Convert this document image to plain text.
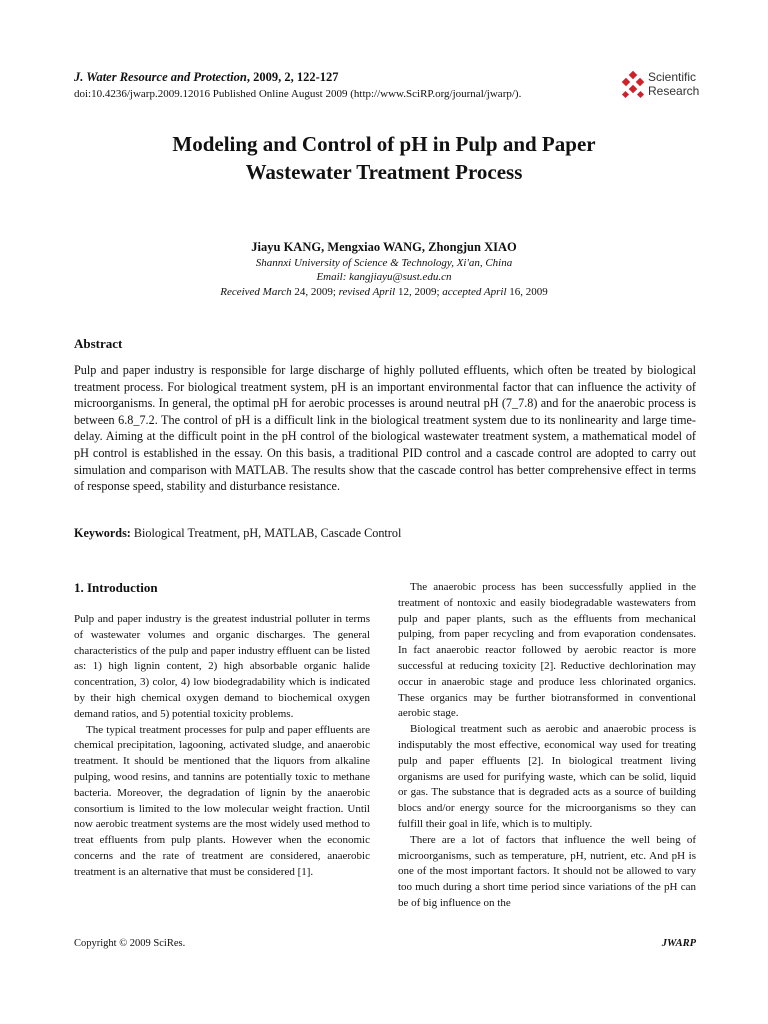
J. Water Resource and Protection, 2009, 2, 122-127
doi:10.4236/jwarp.2009.12016 Published Online August 2009 (http://www.SciRP.org/journal/jwarp/).
Scientific
Research
Modeling and Control of pH in Pulp and Paper
Wastewater Treatment Process
Jiayu KANG, Mengxiao WANG, Zhongjun XIAO
Shannxi University of Science & Technology, Xi'an, China
Email: kangjiayu@sust.edu.cn
Received March 24, 2009; revised April 12, 2009; accepted April 16, 2009
Abstract
Pulp and paper industry is responsible for large discharge of highly polluted effluents, which often be treated by biological treatment process. For biological treatment system, pH is an important environmental factor that can influence the activity of microorganisms. In general, the optimal pH for aerobic processes is around neutral pH (7_7.8) and for the anaerobic process is between 6.8_7.2. The control of pH is a difficult link in the biological treatment system due to its nonlinearity and large time-delay. Aiming at the difficult point in the pH control of the biological wastewater treatment system, a mathematical model of pH control is established in the essay. On this basis, a traditional PID control and a cascade control are adopted to carry out simulation and comparison with MATLAB. The results show that the cascade control has better comprehensive effect in terms of response speed, stability and disturbance resistance.
Keywords: Biological Treatment, pH, MATLAB, Cascade Control
1. Introduction

Pulp and paper industry is the greatest industrial polluter in terms of wastewater volumes and organic discharges. The general characteristics of the pulp and paper industry effluent can be listed as: 1) high lignin content, 2) high absorbable organic halide concentration, 3) color, 4) low biodegradability which is indicated by their high chemical oxygen demand to biochemical oxygen demand ratios, and 5) potential toxicity problems.

The typical treatment processes for pulp and paper effluents are chemical precipitation, lagooning, activated sludge, and anaerobic treatment. It should be mentioned that the liquors from alkaline pulping, wood resins, and tannins are potentially toxic to methane bacteria. Moreover, the degradation of lignin by the anaerobic consortium is limited to the low molecular weight fraction. Until now aerobic treatment systems are the most widely used method to treat effluents from pulp plants. However when the economic concerns and the rate of treatment are considered, anaerobic treatment is an alternative that must be considered [1].

The anaerobic process has been successfully applied in the treatment of nontoxic and easily biodegradable wastewaters from pulp and paper plants, such as the effluents from mechanical pulping, from paper recycling and from evaporation condensates. In fact anaerobic reactor followed by aerobic reactor is more successful at reducing toxicity [2]. Reductive dechlorination may occur in anaerobic stage and produce less chlorinated organics. These organics may be further biotransformed in conventional aerobic stage.

Biological treatment such as aerobic and anaerobic process is indisputably the most effective, economical way used for treating pulp and paper effluents [2]. In biological treatment living organisms are used for purifying waste, which can be solid, liquid or gas. The substance that is degraded acts as a source of building blocs and/or energy source for the microorganisms so they can fulfill their goal in life, which is to multiply.

There are a lot of factors that influence the well being of microorganisms, such as temperature, pH, nutrient, etc. And pH is one of the most important factors. It should not be allowed to vary too much during a short time period since variations of the pH can be of big influence on the

Copyright © 2009 SciRes.	JWARP
